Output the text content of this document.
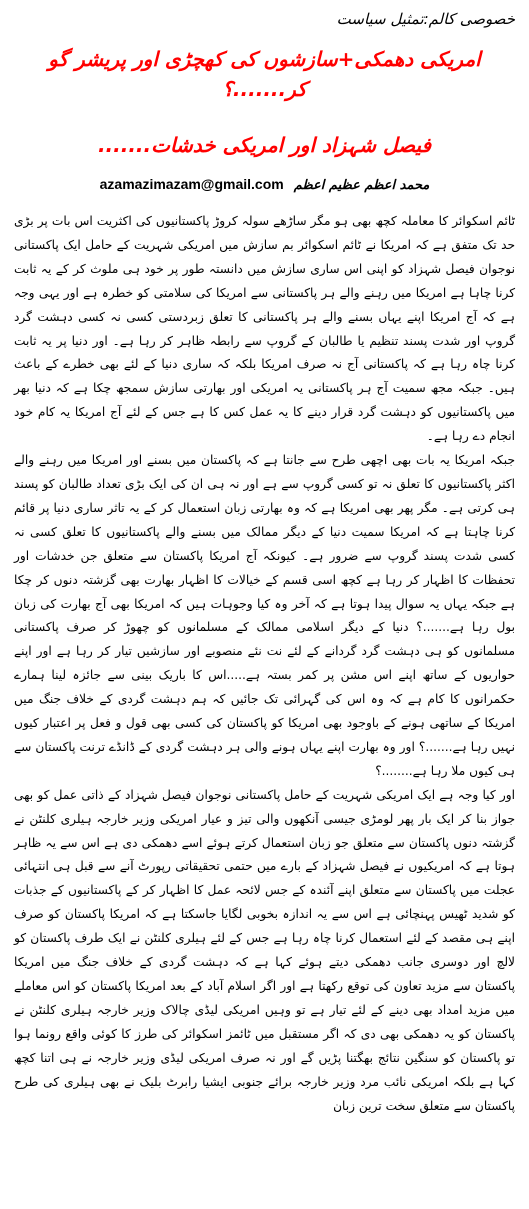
خصوصی کالم:تمثیل سیاست
امریکی دھمکی+سازشوں کی کھچڑی اور پریشر گو کر.......؟
فیصل شہزاد اور امریکی خدشات.......
azamazimazam@gmail.com محمد اعظم عظیم اعظم

ٹائم اسکوائر کا معاملہ کچھ بھی ہو مگر ساڑھے سولہ کروڑ پاکستانیوں کی اکثریت اس بات پر بڑی حد تک متفق ہے کہ امریکا نے ٹائم اسکوائر بم سازش میں امریکی شہریت کے حامل ایک پاکستانی نوجوان فیصل شہزاد کو اپنی اس ساری سازش میں دانستہ طور پر خود ہی ملوث کر کے یہ ثابت کرنا چاہا ہے امریکا میں رہنے والے ہر پاکستانی سے امریکا کی سلامتی کو خطرہ ہے اور یہی وجہ ہے کہ آج امریکا اپنے یہاں بسنے والے ہر پاکستانی کا تعلق زبردستی کسی نہ کسی دہشت گرد گروپ اور شدت پسند تنظیم یا طالبان کے گروپ سے رابطہ ظاہر کر رہا ہے۔ اور دنیا پر یہ ثابت کرنا چاہ رہا ہے کہ پاکستانی آج نہ صرف امریکا بلکہ کہ ساری دنیا کے لئے بھی خطرے کے باعث ہیں۔ جبکہ مجھ سمیت آج ہر پاکستانی یہ امریکی اور بھارتی سازش سمجھ چکا ہے کہ دنیا بھر میں پاکستانیوں کو دہشت گرد قرار دینے کا یہ عمل کس کا ہے جس کے لئے آج امریکا یہ کام خود انجام دے رہا ہے۔

جبکہ امریکا یہ بات بھی اچھی طرح سے جانتا ہے کہ پاکستان میں بسنے اور امریکا میں رہنے والے اکثر پاکستانیوں کا تعلق نہ تو کسی گروپ سے ہے اور نہ ہی ان کی ایک بڑی تعداد طالبان کو پسند ہی کرتی ہے۔ مگر پھر بھی امریکا ہے کہ وہ بھارتی زبان استعمال کر کے یہ تاثر ساری دنیا پر قائم کرنا چاہتا ہے کہ امریکا سمیت دنیا کے دیگر ممالک میں بسنے والے پاکستانیوں کا تعلق کسی نہ کسی شدت پسند گروپ سے ضرور ہے۔ کیونکہ آج امریکا پاکستان سے متعلق جن خدشات اور تحفظات کا اظہار کر رہا ہے کچھ اسی قسم کے خیالات کا اظہار بھارت بھی گزشتہ دنوں کر چکا ہے جبکہ یہاں یہ سوال پیدا ہوتا ہے کہ آخر وہ کیا وجوہات ہیں کہ امریکا بھی آج بھارت کی زبان بول رہا ہے.......؟ دنیا کے دیگر اسلامی ممالک کے مسلمانوں کو چھوڑ کر صرف پاکستانی مسلمانوں کو ہی دہشت گرد گردانے کے لئے نت نئے منصوبے اور سازشیں تیار کر رہا ہے اور اپنے حواریوں کے ساتھ اپنے اس مشن پر کمر بستہ ہے.....اس کا باریک بینی سے جائزہ لینا ہمارے حکمرانوں کا کام ہے کہ وہ اس کی گہرائی تک جائیں کہ ہم دہشت گردی کے خلاف جنگ میں امریکا کے ساتھی ہونے کے باوجود بھی امریکا کو پاکستان کی کسی بھی قول و فعل پر اعتبار کیوں نہیں رہا ہے.......؟ اور وہ بھارت اپنے یہاں ہونے والی ہر دہشت گردی کے ڈانڈے ترنت پاکستان سے ہی کیوں ملا رہا ہے........؟

اور کیا وجہ ہے ایک امریکی شہریت کے حامل پاکستانی نوجوان فیصل شہزاد کے ذاتی عمل کو بھی جواز بنا کر ایک بار پھر لومڑی جیسی آنکھوں والی تیز و عیار امریکی وزیر خارجہ ہیلری کلنٹن نے گزشتہ دنوں پاکستان سے متعلق جو زبان استعمال کرتے ہوئے اسے دھمکی دی ہے اس سے یہ ظاہر ہوتا ہے کہ امریکیوں نے فیصل شہزاد کے بارے میں حتمی تحقیقاتی رپورٹ آنے سے قبل ہی انتہائی عجلت میں پاکستان سے متعلق اپنے آئندہ کے جس لائحہ عمل کا اظہار کر کے پاکستانیوں کے جذبات کو شدید ٹھیس پہنچائی ہے اس سے یہ اندازہ بخوبی لگایا جاسکتا ہے کہ امریکا پاکستان کو صرف اپنے ہی مقصد کے لئے استعمال کرنا چاہ رہا ہے جس کے لئے ہیلری کلنٹن نے ایک طرف پاکستان کو لالچ اور دوسری جانب دھمکی دیتے ہوئے کہا ہے کہ دہشت گردی کے خلاف جنگ میں امریکا پاکستان سے مزید تعاون کی توقع رکھتا ہے اور اگر اسلام آباد کے بعد امریکا پاکستان کو اس معاملے میں مزید امداد بھی دینے کے لئے تیار ہے تو وہیں امریکی لیڈی چالاک وزیر خارجہ ہیلری کلنٹن نے پاکستان کو یہ دھمکی بھی دی کہ اگر مستقبل میں ٹائمز اسکوائر کی طرز کا کوئی واقع رونما ہوا تو پاکستان کو سنگین نتائج بھگتنا پڑیں گے اور نہ صرف امریکی لیڈی وزیر خارجہ نے ہی اتنا کچھ کہا ہے بلکہ امریکی نائب مرد وزیر خارجہ برائے جنوبی ایشیا رابرٹ بلیک نے بھی ہیلری کی طرح پاکستان سے متعلق سخت ترین زبان
